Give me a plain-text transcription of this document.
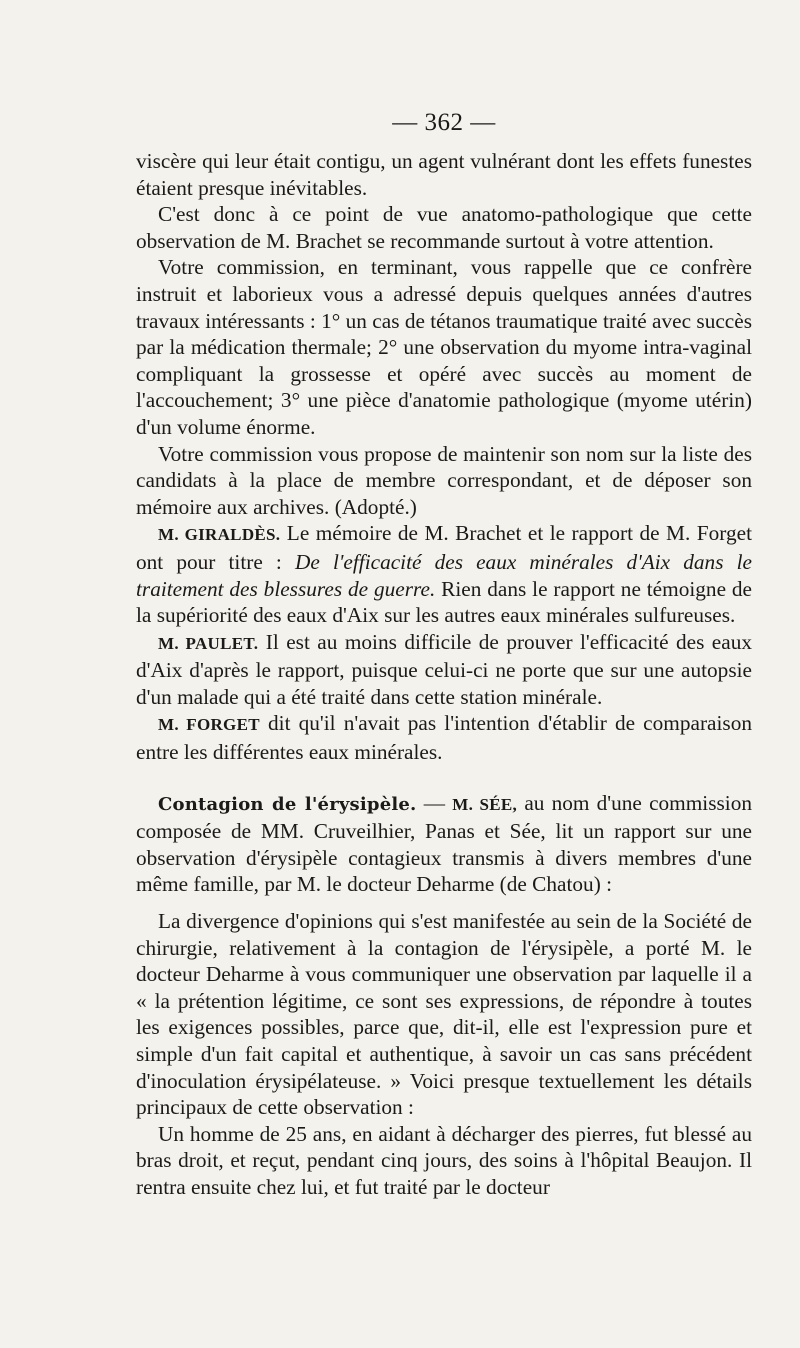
— 362 —

viscère qui leur était contigu, un agent vulnérant dont les effets funestes étaient presque inévitables.

C'est donc à ce point de vue anatomo-pathologique que cette observation de M. Brachet se recommande surtout à votre attention.

Votre commission, en terminant, vous rappelle que ce confrère instruit et laborieux vous a adressé depuis quelques années d'autres travaux intéressants : 1° un cas de tétanos traumatique traité avec succès par la médication thermale; 2° une observation du myome intra-vaginal compliquant la grossesse et opéré avec succès au moment de l'accouchement; 3° une pièce d'anatomie pathologique (myome utérin) d'un volume énorme.

Votre commission vous propose de maintenir son nom sur la liste des candidats à la place de membre correspondant, et de déposer son mémoire aux archives. (Adopté.)

M. GIRALDÈS. Le mémoire de M. Brachet et le rapport de M. Forget ont pour titre : De l'efficacité des eaux minérales d'Aix dans le traitement des blessures de guerre. Rien dans le rapport ne témoigne de la supériorité des eaux d'Aix sur les autres eaux minérales sulfureuses.

M. PAULET. Il est au moins difficile de prouver l'efficacité des eaux d'Aix d'après le rapport, puisque celui-ci ne porte que sur une autopsie d'un malade qui a été traité dans cette station minérale.

M. FORGET dit qu'il n'avait pas l'intention d'établir de comparaison entre les différentes eaux minérales.

Contagion de l'érysipèle. — M. SÉE, au nom d'une commission composée de MM. Cruveilhier, Panas et Sée, lit un rapport sur une observation d'érysipèle contagieux transmis à divers membres d'une même famille, par M. le docteur Deharme (de Chatou) :

La divergence d'opinions qui s'est manifestée au sein de la Société de chirurgie, relativement à la contagion de l'érysipèle, a porté M. le docteur Deharme à vous communiquer une observation par laquelle il a « la prétention légitime, ce sont ses expressions, de répondre à toutes les exigences possibles, parce que, dit-il, elle est l'expression pure et simple d'un fait capital et authentique, à savoir un cas sans précédent d'inoculation érysipélateuse. » Voici presque textuellement les détails principaux de cette observation :

Un homme de 25 ans, en aidant à décharger des pierres, fut blessé au bras droit, et reçut, pendant cinq jours, des soins à l'hôpital Beaujon. Il rentra ensuite chez lui, et fut traité par le docteur
